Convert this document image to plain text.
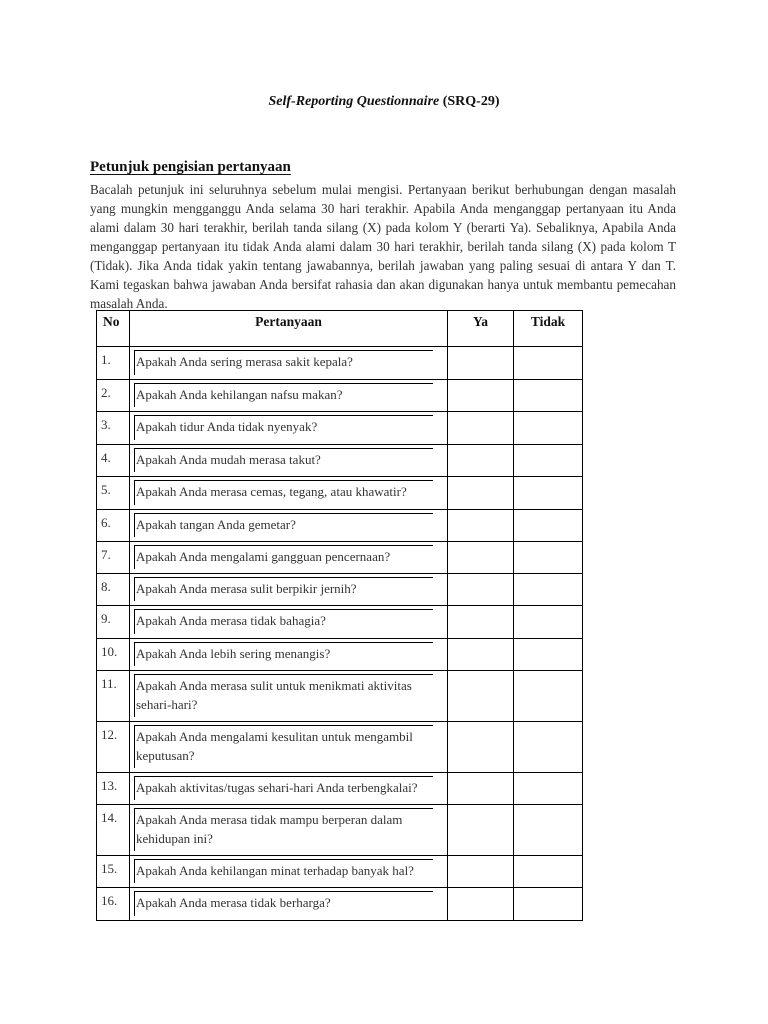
Self-Reporting Questionnaire (SRQ-29)
Petunjuk pengisian pertanyaan
Bacalah petunjuk ini seluruhnya sebelum mulai mengisi. Pertanyaan berikut berhubungan dengan masalah yang mungkin mengganggu Anda selama 30 hari terakhir. Apabila Anda menganggap pertanyaan itu Anda alami dalam 30 hari terakhir, berilah tanda silang (X) pada kolom Y (berarti Ya). Sebaliknya, Apabila Anda menganggap pertanyaan itu tidak Anda alami dalam 30 hari terakhir, berilah tanda silang (X) pada kolom T (Tidak). Jika Anda tidak yakin tentang jawabannya, berilah jawaban yang paling sesuai di antara Y dan T. Kami tegaskan bahwa jawaban Anda bersifat rahasia dan akan digunakan hanya untuk membantu pemecahan masalah Anda.
No	Pertanyaan	Ya	Tidak
1.	Apakah Anda sering merasa sakit kepala?		
2.	Apakah Anda kehilangan nafsu makan?		
3.	Apakah tidur Anda tidak nyenyak?		
4.	Apakah Anda mudah merasa takut?		
5.	Apakah Anda merasa cemas, tegang, atau khawatir?		
6.	Apakah tangan Anda gemetar?		
7.	Apakah Anda mengalami gangguan pencernaan?		
8.	Apakah Anda merasa sulit berpikir jernih?		
9.	Apakah Anda merasa tidak bahagia?		
10.	Apakah Anda lebih sering menangis?		
11.	Apakah Anda merasa sulit untuk menikmati aktivitas sehari-hari?		
12.	Apakah Anda mengalami kesulitan untuk mengambil keputusan?		
13.	Apakah aktivitas/tugas sehari-hari Anda terbengkalai?		
14.	Apakah Anda merasa tidak mampu berperan dalam kehidupan ini?		
15.	Apakah Anda kehilangan minat terhadap banyak hal?		
16.	Apakah Anda merasa tidak berharga?		
